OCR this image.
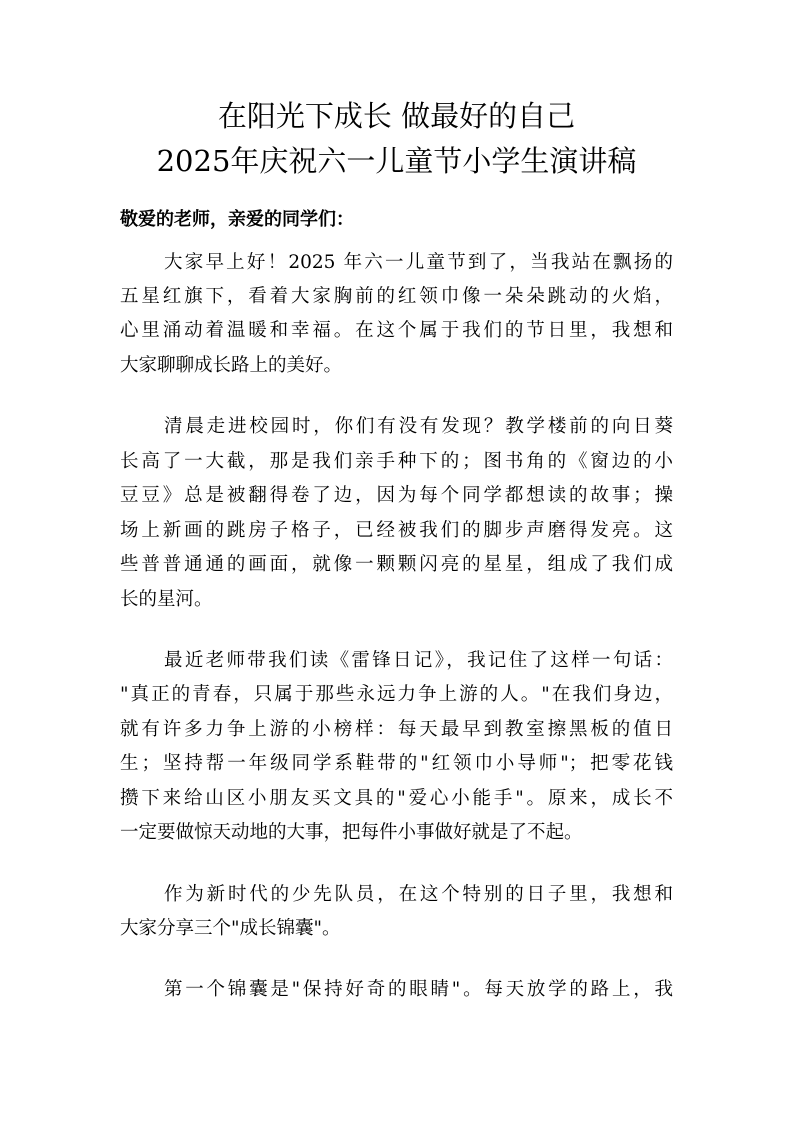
在阳光下成长 做最好的自己
2025年庆祝六一儿童节小学生演讲稿
敬爱的老师，亲爱的同学们：
大家早上好！2025 年六一儿童节到了，当我站在飘扬的
五星红旗下，看着大家胸前的红领巾像一朵朵跳动的火焰，
心里涌动着温暖和幸福。在这个属于我们的节日里，我想和
大家聊聊成长路上的美好。
清晨走进校园时，你们有没有发现？教学楼前的向日葵
长高了一大截，那是我们亲手种下的；图书角的《窗边的小
豆豆》总是被翻得卷了边，因为每个同学都想读的故事；操
场上新画的跳房子格子，已经被我们的脚步声磨得发亮。这
些普普通通的画面，就像一颗颗闪亮的星星，组成了我们成
长的星河。
最近老师带我们读《雷锋日记》，我记住了这样一句话：
"真正的青春，只属于那些永远力争上游的人。"在我们身边，
就有许多力争上游的小榜样：每天最早到教室擦黑板的值日
生；坚持帮一年级同学系鞋带的"红领巾小导师"；把零花钱
攒下来给山区小朋友买文具的"爱心小能手"。原来，成长不
一定要做惊天动地的大事，把每件小事做好就是了不起。
作为新时代的少先队员，在这个特别的日子里，我想和
大家分享三个"成长锦囊"。
第一个锦囊是"保持好奇的眼睛"。每天放学的路上，我
